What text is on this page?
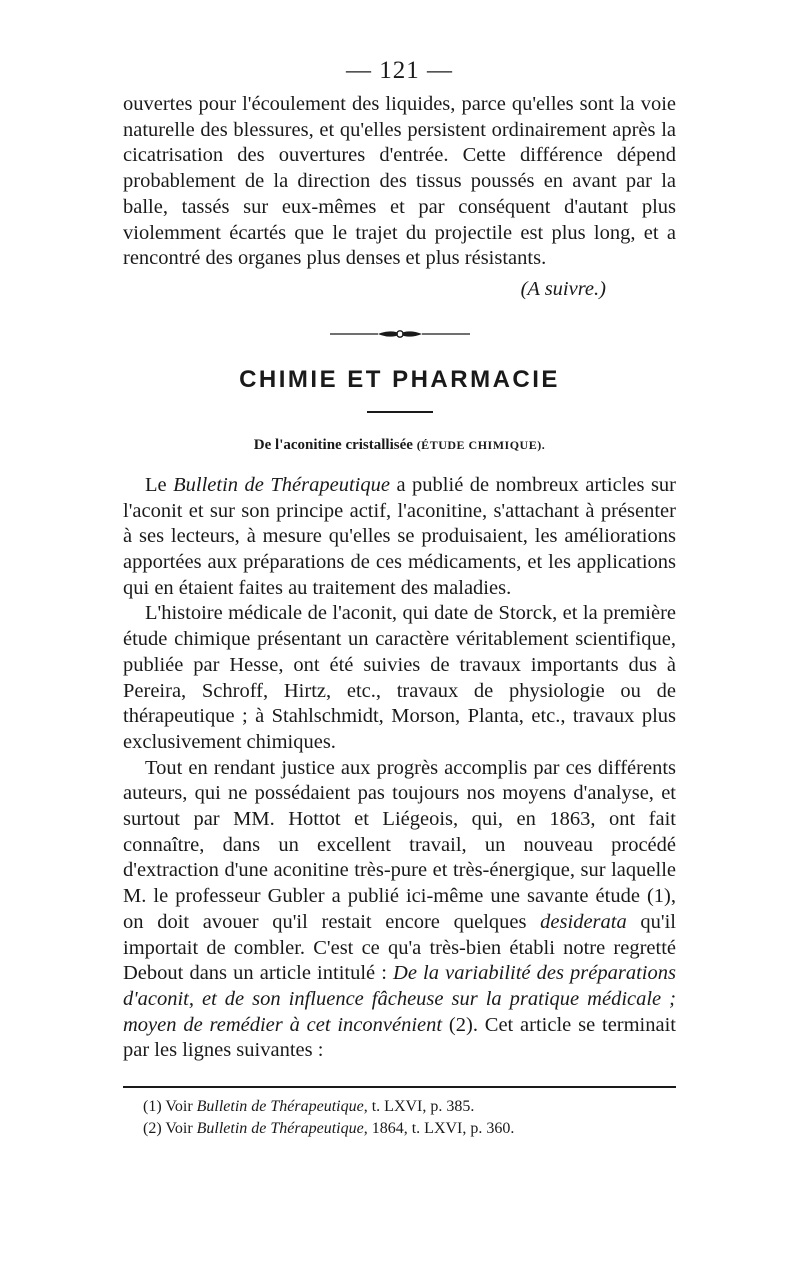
— 121 —

ouvertes pour l'écoulement des liquides, parce qu'elles sont la voie naturelle des blessures, et qu'elles persistent ordinairement après la cicatrisation des ouvertures d'entrée. Cette différence dépend probablement de la direction des tissus poussés en avant par la balle, tassés sur eux-mêmes et par conséquent d'autant plus violemment écartés que le trajet du projectile est plus long, et a rencontré des organes plus denses et plus résistants.

(A suivre.)
CHIMIE ET PHARMACIE
De l'aconitine cristallisée (ÉTUDE CHIMIQUE).

Le Bulletin de Thérapeutique a publié de nombreux articles sur l'aconit et sur son principe actif, l'aconitine, s'attachant à présenter à ses lecteurs, à mesure qu'elles se produisaient, les améliorations apportées aux préparations de ces médicaments, et les applications qui en étaient faites au traitement des maladies.

L'histoire médicale de l'aconit, qui date de Storck, et la première étude chimique présentant un caractère véritablement scientifique, publiée par Hesse, ont été suivies de travaux importants dus à Pereira, Schroff, Hirtz, etc., travaux de physiologie ou de thérapeutique ; à Stahlschmidt, Morson, Planta, etc., travaux plus exclusivement chimiques.

Tout en rendant justice aux progrès accomplis par ces différents auteurs, qui ne possédaient pas toujours nos moyens d'analyse, et surtout par MM. Hottot et Liégeois, qui, en 1863, ont fait connaître, dans un excellent travail, un nouveau procédé d'extraction d'une aconitine très-pure et très-énergique, sur laquelle M. le professeur Gubler a publié ici-même une savante étude (1), on doit avouer qu'il restait encore quelques desiderata qu'il importait de combler. C'est ce qu'a très-bien établi notre regretté Debout dans un article intitulé : De la variabilité des préparations d'aconit, et de son influence fâcheuse sur la pratique médicale ; moyen de remédier à cet inconvénient (2). Cet article se terminait par les lignes suivantes :

(1) Voir Bulletin de Thérapeutique, t. LXVI, p. 385.
(2) Voir Bulletin de Thérapeutique, 1864, t. LXVI, p. 360.
